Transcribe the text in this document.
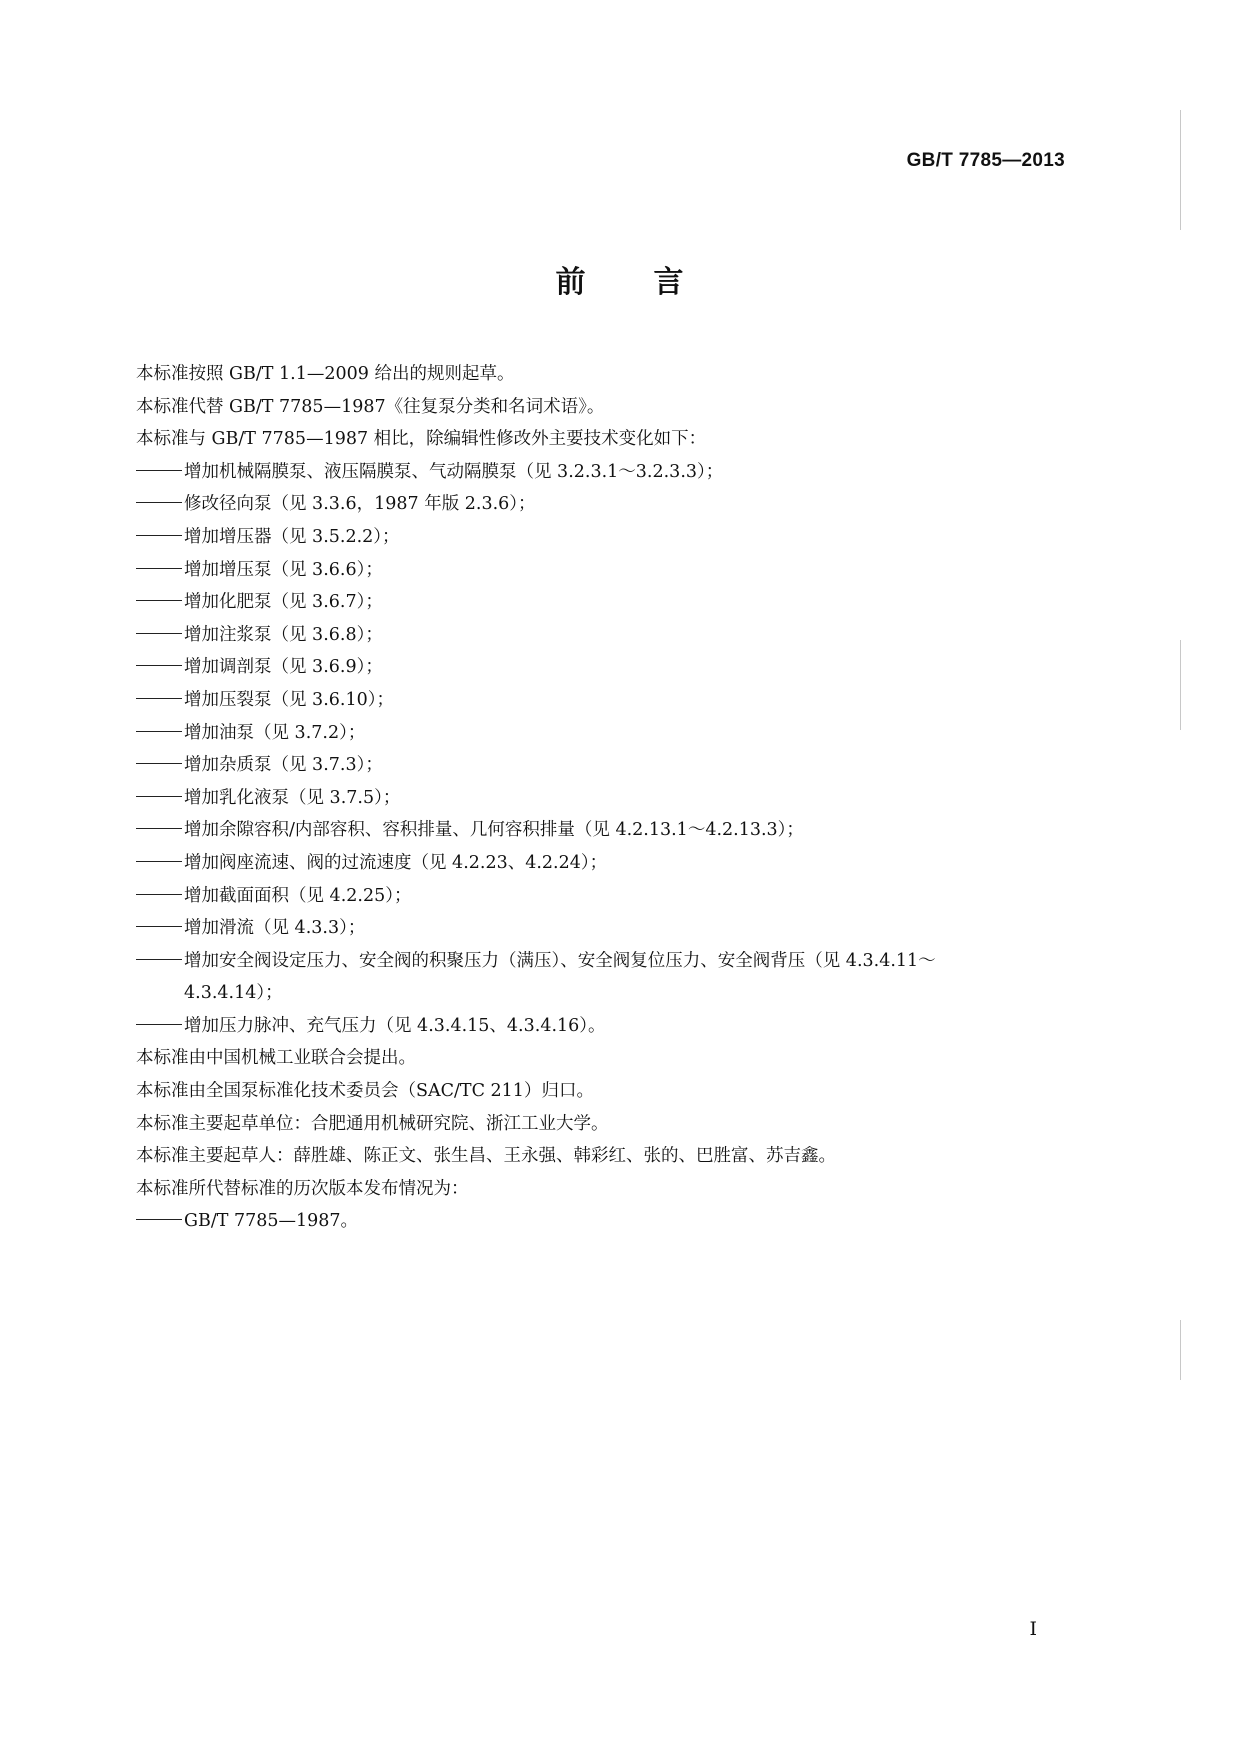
GB/T 7785—2013
前 言
本标准按照 GB/T 1.1—2009 给出的规则起草。
本标准代替 GB/T 7785—1987《往复泵分类和名词术语》。
本标准与 GB/T 7785—1987 相比，除编辑性修改外主要技术变化如下：
增加机械隔膜泵、液压隔膜泵、气动隔膜泵（见 3.2.3.1～3.2.3.3）；
修改径向泵（见 3.3.6，1987 年版 2.3.6）；
增加增压器（见 3.5.2.2）；
增加增压泵（见 3.6.6）；
增加化肥泵（见 3.6.7）；
增加注浆泵（见 3.6.8）；
增加调剖泵（见 3.6.9）；
增加压裂泵（见 3.6.10）；
增加油泵（见 3.7.2）；
增加杂质泵（见 3.7.3）；
增加乳化液泵（见 3.7.5）；
增加余隙容积/内部容积、容积排量、几何容积排量（见 4.2.13.1～4.2.13.3）；
增加阀座流速、阀的过流速度（见 4.2.23、4.2.24）；
增加截面面积（见 4.2.25）；
增加滑流（见 4.3.3）；
增加安全阀设定压力、安全阀的积聚压力（满压）、安全阀复位压力、安全阀背压（见 4.3.4.11～
4.3.4.14）；
增加压力脉冲、充气压力（见 4.3.4.15、4.3.4.16）。
本标准由中国机械工业联合会提出。
本标准由全国泵标准化技术委员会（SAC/TC 211）归口。
本标准主要起草单位：合肥通用机械研究院、浙江工业大学。
本标准主要起草人：薛胜雄、陈正文、张生昌、王永强、韩彩红、张的、巴胜富、苏吉鑫。
本标准所代替标准的历次版本发布情况为：
GB/T 7785—1987。
I
